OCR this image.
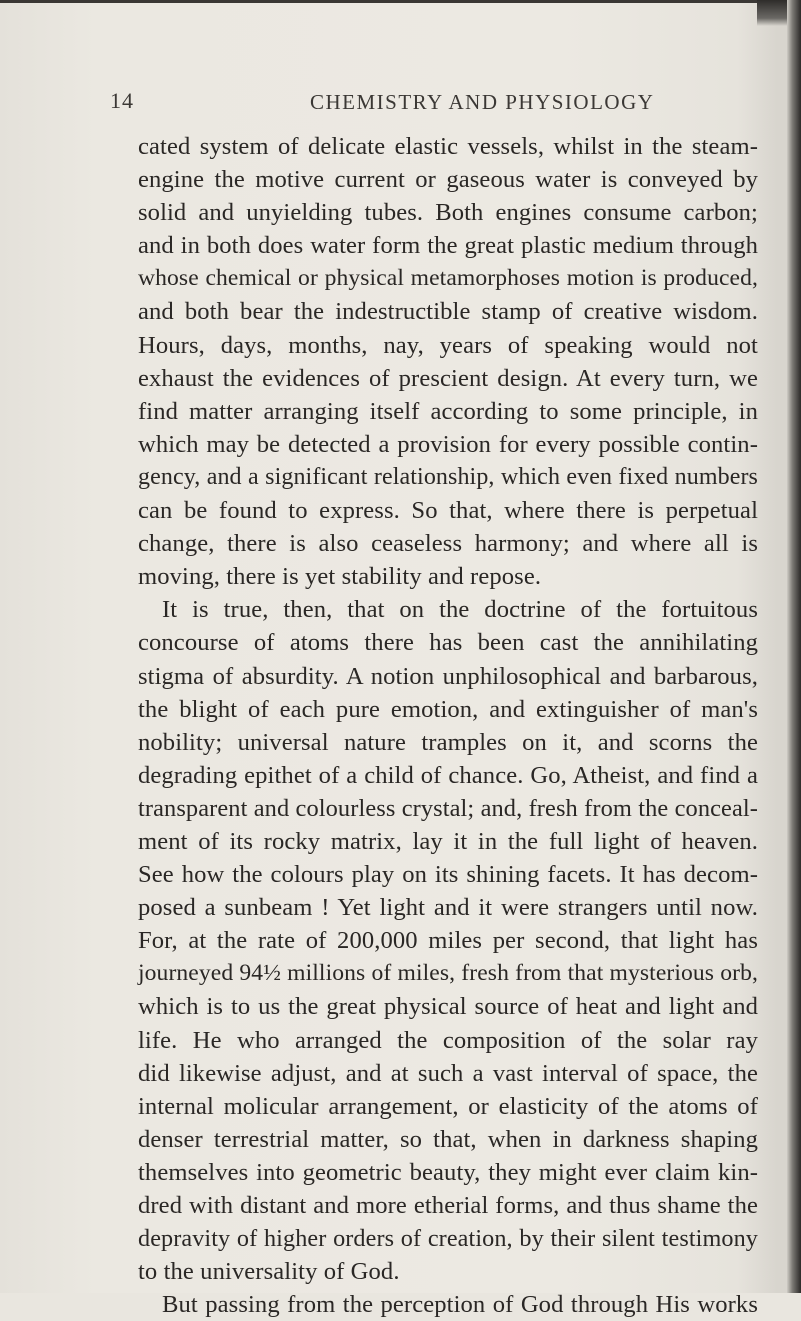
14	CHEMISTRY AND PHYSIOLOGY
cated system of delicate elastic vessels, whilst in the steam-
engine the motive current or gaseous water is conveyed by
solid and unyielding tubes. Both engines consume carbon;
and in both does water form the great plastic medium through
whose chemical or physical metamorphoses motion is produced,
and both bear the indestructible stamp of creative wisdom.
Hours, days, months, nay, years of speaking would not
exhaust the evidences of prescient design. At every turn, we
find matter arranging itself according to some principle, in
which may be detected a provision for every possible contin-
gency, and a significant relationship, which even fixed numbers
can be found to express. So that, where there is perpetual
change, there is also ceaseless harmony; and where all is
moving, there is yet stability and repose.
It is true, then, that on the doctrine of the fortuitous
concourse of atoms there has been cast the annihilating
stigma of absurdity. A notion unphilosophical and barbarous,
the blight of each pure emotion, and extinguisher of man's
nobility; universal nature tramples on it, and scorns the
degrading epithet of a child of chance. Go, Atheist, and find a
transparent and colourless crystal; and, fresh from the conceal-
ment of its rocky matrix, lay it in the full light of heaven.
See how the colours play on its shining facets. It has decom-
posed a sunbeam ! Yet light and it were strangers until now.
For, at the rate of 200,000 miles per second, that light has
journeyed 94½ millions of miles, fresh from that mysterious orb,
which is to us the great physical source of heat and light and
life. He who arranged the composition of the solar ray
did likewise adjust, and at such a vast interval of space, the
internal molicular arrangement, or elasticity of the atoms of
denser terrestrial matter, so that, when in darkness shaping
themselves into geometric beauty, they might ever claim kin-
dred with distant and more etherial forms, and thus shame the
depravity of higher orders of creation, by their silent testimony
to the universality of God.
But passing from the perception of God through His works
